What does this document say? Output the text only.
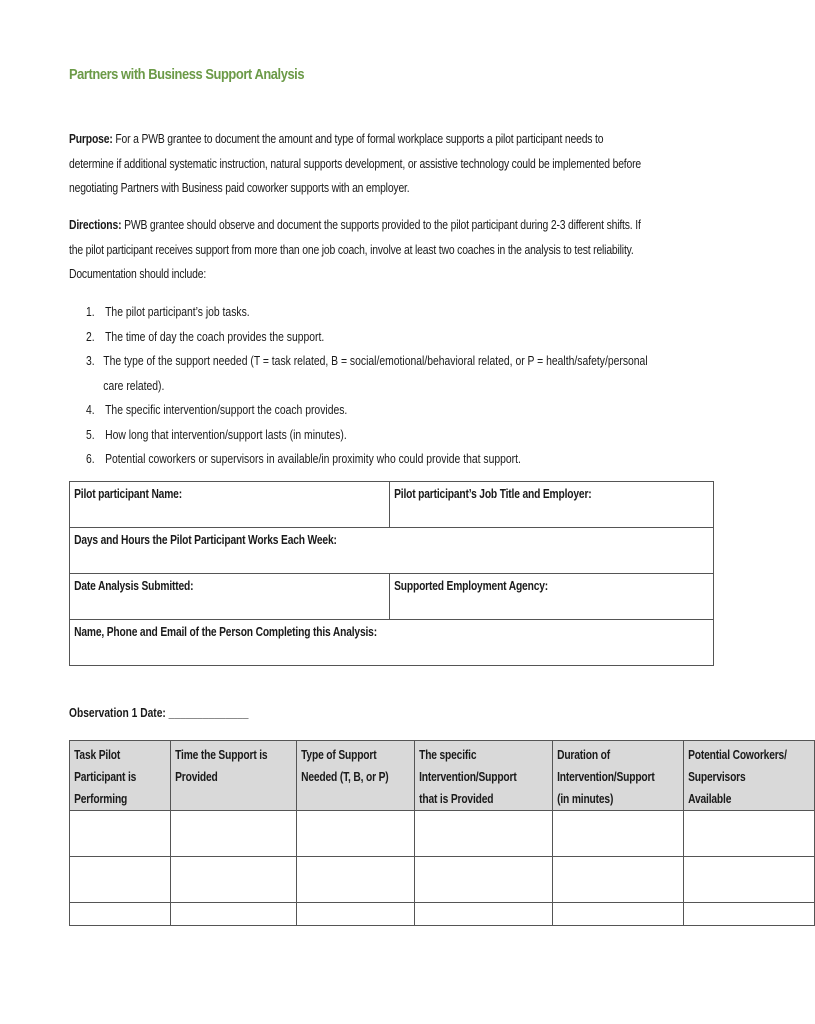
Partners with Business Support Analysis
Purpose: For a PWB grantee to document the amount and type of formal workplace supports a pilot participant needs to determine if additional systematic instruction, natural supports development, or assistive technology could be implemented before negotiating Partners with Business paid coworker supports with an employer.
Directions: PWB grantee should observe and document the supports provided to the pilot participant during 2-3 different shifts. If the pilot participant receives support from more than one job coach, involve at least two coaches in the analysis to test reliability. Documentation should include:
1. The pilot participant’s job tasks.
2. The time of day the coach provides the support.
3. The type of the support needed (T = task related, B = social/emotional/behavioral related, or P = health/safety/personal care related).
4. The specific intervention/support the coach provides.
5. How long that intervention/support lasts (in minutes).
6. Potential coworkers or supervisors in available/in proximity who could provide that support.
Pilot participant Name:	Pilot participant’s Job Title and Employer:

Days and Hours the Pilot Participant Works Each Week:	

Date Analysis Submitted:	Supported Employment Agency:

Name, Phone and Email of the Person Completing this Analysis:	
Observation 1 Date: ______________
Task Pilot Participant is Performing	Time the Support is Provided	Type of Support Needed (T, B, or P)	The specific Intervention/Support that is Provided	Duration of Intervention/Support (in minutes)	Potential Coworkers/ Supervisors Available
